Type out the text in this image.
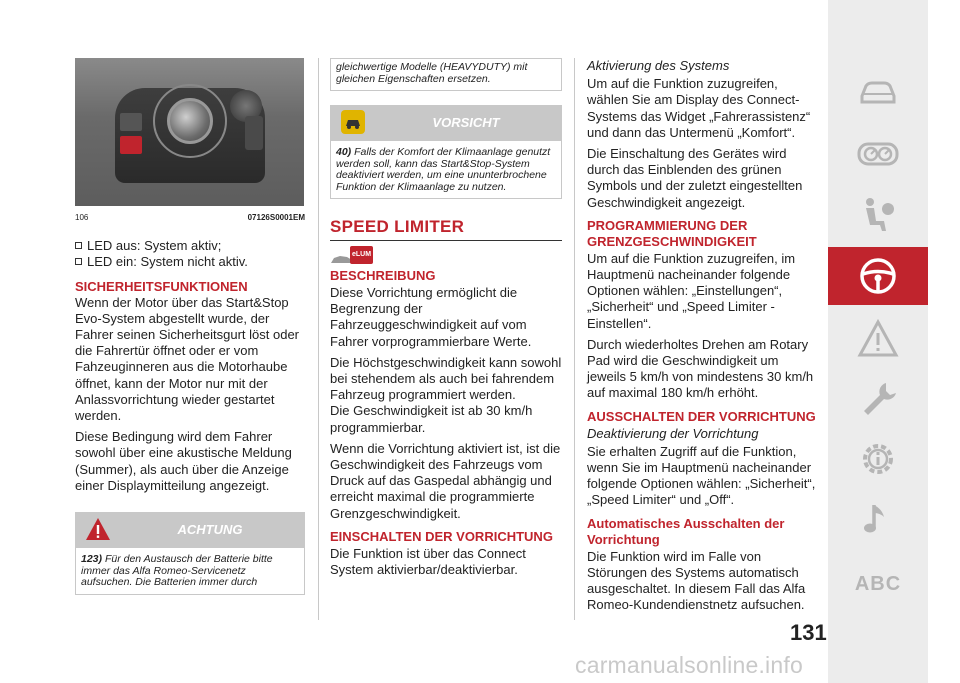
106	07126S0001EM
LED aus: System aktiv;
LED ein: System nicht aktiv.
SICHERHEITSFUNKTIONEN

Wenn der Motor über das Start&Stop Evo-System abgestellt wurde, der Fahrer seinen Sicherheitsgurt löst oder die Fahrertür öffnet oder er vom Fahzeuginneren aus die Motorhaube öffnet, kann der Motor nur mit der Anlassvorrichtung wieder gestartet werden.

Diese Bedingung wird dem Fahrer sowohl über eine akustische Meldung (Summer), als auch über die Anzeige einer Displaymitteilung angezeigt.

ACHTUNG
123) Für den Austausch der Batterie bitte immer das Alfa Romeo-Servicenetz aufsuchen. Die Batterien immer durch
gleichwertige Modelle (HEAVYDUTY) mit gleichen Eigenschaften ersetzen.
VORSICHT
40) Falls der Komfort der Klimaanlage genutzt werden soll, kann das Start&Stop-System deaktiviert werden, um eine ununterbrochene Funktion der Klimaanlage zu nutzen.
SPEED LIMITER
eLUM
BESCHREIBUNG

Diese Vorrichtung ermöglicht die Begrenzung der Fahrzeuggeschwindigkeit auf vom Fahrer vorprogrammierbare Werte.

Die Höchstgeschwindigkeit kann sowohl bei stehendem als auch bei fahrendem Fahrzeug programmiert werden.

Die Geschwindigkeit ist ab 30 km/h programmierbar.

Wenn die Vorrichtung aktiviert ist, ist die Geschwindigkeit des Fahrzeugs vom Druck auf das Gaspedal abhängig und erreicht maximal die programmierte Grenzgeschwindigkeit.

EINSCHALTEN DER VORRICHTUNG

Die Funktion ist über das Connect System aktivierbar/deaktivierbar.

Aktivierung des Systems

Um auf die Funktion zuzugreifen, wählen Sie am Display des Connect-Systems das Widget „Fahrerassistenz“ und dann das Untermenü „Komfort“.

Die Einschaltung des Gerätes wird durch das Einblenden des grünen Symbols und der zuletzt eingestellten Geschwindigkeit angezeigt.

PROGRAMMIERUNG DER GRENZGESCHWINDIGKEIT

Um auf die Funktion zuzugreifen, im Hauptmenü nacheinander folgende Optionen wählen: „Einstellungen“, „Sicherheit“ und „Speed Limiter - Einstellen“.

Durch wiederholtes Drehen am Rotary Pad wird die Geschwindigkeit um jeweils 5 km/h von mindestens 30 km/h auf maximal 180 km/h erhöht.

AUSSCHALTEN DER VORRICHTUNG

Deaktivierung der Vorrichtung

Sie erhalten Zugriff auf die Funktion, wenn Sie im Hauptmenü nacheinander folgende Optionen wählen: „Sicherheit“, „Speed Limiter“ und „Off“.

Automatisches Ausschalten der Vorrichtung

Die Funktion wird im Falle von Störungen des Systems automatisch ausgeschaltet. In diesem Fall das Alfa Romeo-Kundendienstnetz aufsuchen.

ABC
131
carmanualsonline.info
